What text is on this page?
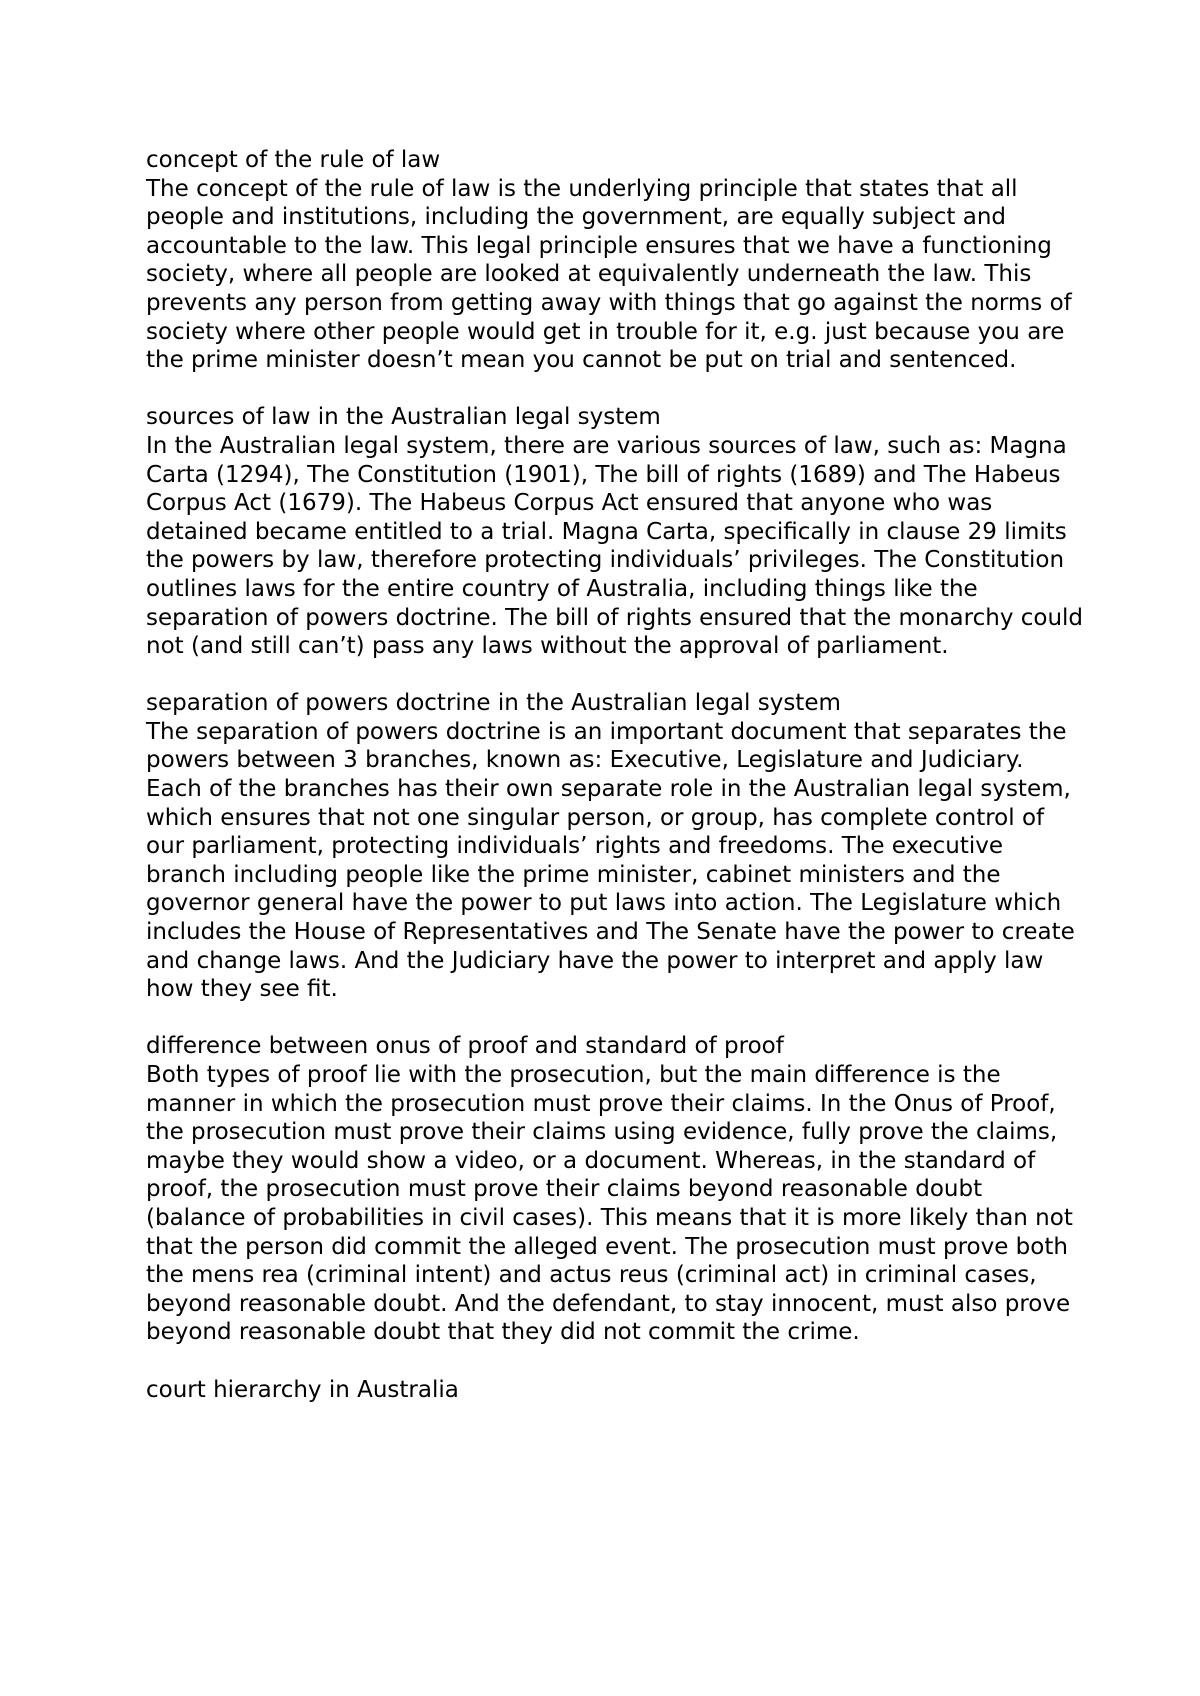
concept of the rule of law

The concept of the rule of law is the underlying principle that states that all people and institutions, including the government, are equally subject and accountable to the law. This legal principle ensures that we have a functioning society, where all people are looked at equivalently underneath the law. This prevents any person from getting away with things that go against the norms of society where other people would get in trouble for it, e.g. just because you are the prime minister doesn’t mean you cannot be put on trial and sentenced.

sources of law in the Australian legal system

In the Australian legal system, there are various sources of law, such as: Magna Carta (1294), The Constitution (1901), The bill of rights (1689) and The Habeus Corpus Act (1679). The Habeus Corpus Act ensured that anyone who was detained became entitled to a trial. Magna Carta, specifically in clause 29 limits the powers by law, therefore protecting individuals’ privileges. The Constitution outlines laws for the entire country of Australia, including things like the separation of powers doctrine. The bill of rights ensured that the monarchy could not (and still can’t) pass any laws without the approval of parliament.

separation of powers doctrine in the Australian legal system

The separation of powers doctrine is an important document that separates the powers between 3 branches, known as: Executive, Legislature and Judiciary. Each of the branches has their own separate role in the Australian legal system, which ensures that not one singular person, or group, has complete control of our parliament, protecting individuals’ rights and freedoms. The executive branch including people like the prime minister, cabinet ministers and the governor general have the power to put laws into action. The Legislature which includes the House of Representatives and The Senate have the power to create and change laws. And the Judiciary have the power to interpret and apply law how they see fit.

difference between onus of proof and standard of proof

Both types of proof lie with the prosecution, but the main difference is the manner in which the prosecution must prove their claims. In the Onus of Proof, the prosecution must prove their claims using evidence, fully prove the claims, maybe they would show a video, or a document. Whereas, in the standard of proof, the prosecution must prove their claims beyond reasonable doubt (balance of probabilities in civil cases). This means that it is more likely than not that the person did commit the alleged event. The prosecution must prove both the mens rea (criminal intent) and actus reus (criminal act) in criminal cases, beyond reasonable doubt. And the defendant, to stay innocent, must also prove beyond reasonable doubt that they did not commit the crime.

court hierarchy in Australia
